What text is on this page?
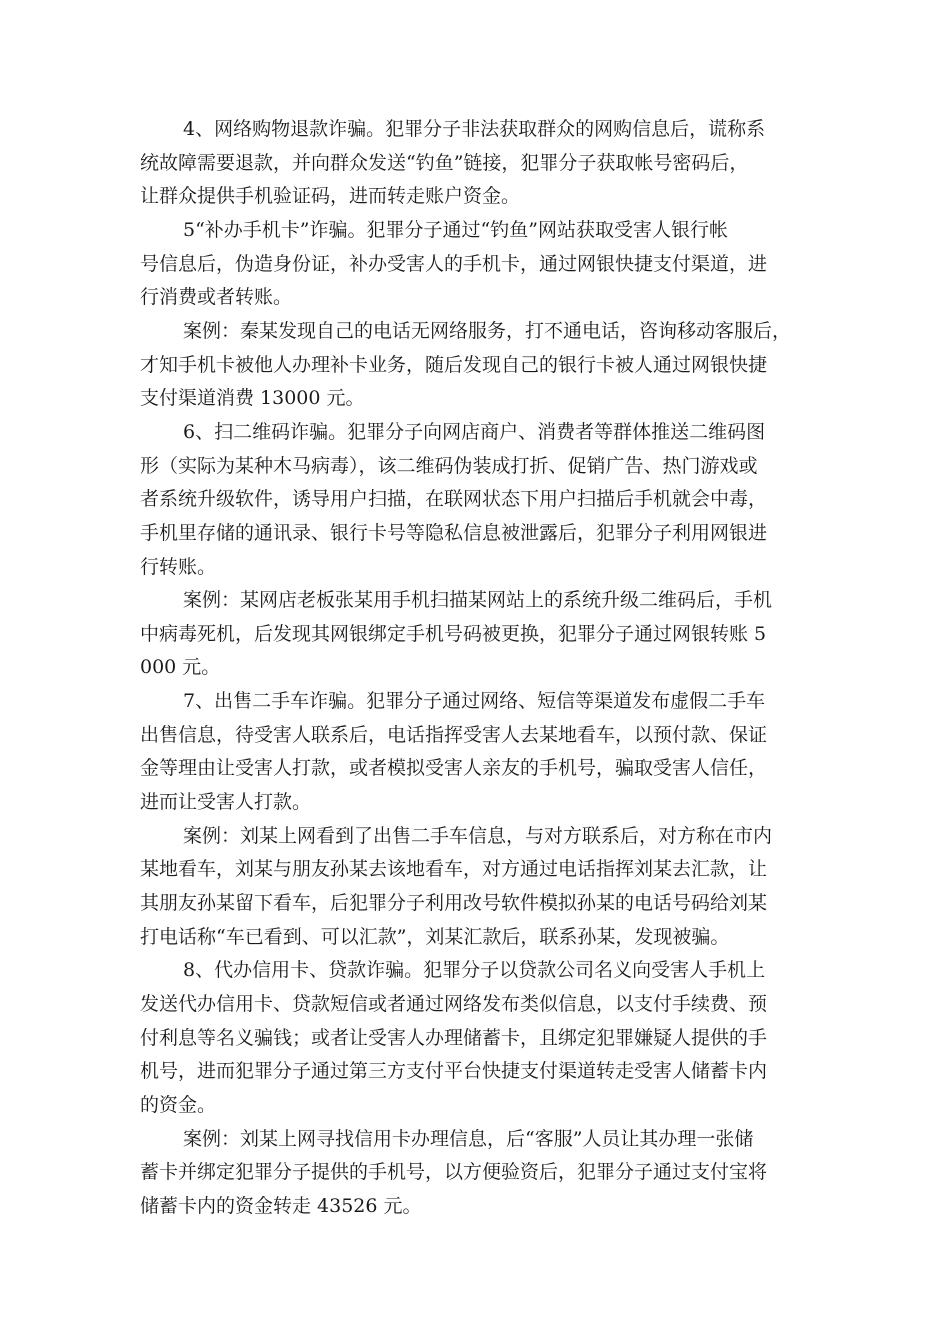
4、网络购物退款诈骗。犯罪分子非法获取群众的网购信息后，谎称系
统故障需要退款，并向群众发送“钓鱼”链接，犯罪分子获取帐号密码后，
让群众提供手机验证码，进而转走账户资金。
5“补办手机卡”诈骗。犯罪分子通过“钓鱼”网站获取受害人银行帐
号信息后，伪造身份证，补办受害人的手机卡，通过网银快捷支付渠道，进
行消费或者转账。
案例：秦某发现自己的电话无网络服务，打不通电话，咨询移动客服后，
才知手机卡被他人办理补卡业务，随后发现自己的银行卡被人通过网银快捷
支付渠道消费 13000 元。
6、扫二维码诈骗。犯罪分子向网店商户、消费者等群体推送二维码图
形（实际为某种木马病毒），该二维码伪装成打折、促销广告、热门游戏或
者系统升级软件，诱导用户扫描，在联网状态下用户扫描后手机就会中毒，
手机里存储的通讯录、银行卡号等隐私信息被泄露后，犯罪分子利用网银进
行转账。
案例：某网店老板张某用手机扫描某网站上的系统升级二维码后，手机
中病毒死机，后发现其网银绑定手机号码被更换，犯罪分子通过网银转账 5
000 元。
7、出售二手车诈骗。犯罪分子通过网络、短信等渠道发布虚假二手车
出售信息，待受害人联系后，电话指挥受害人去某地看车，以预付款、保证
金等理由让受害人打款，或者模拟受害人亲友的手机号，骗取受害人信任，
进而让受害人打款。
案例：刘某上网看到了出售二手车信息，与对方联系后，对方称在市内
某地看车，刘某与朋友孙某去该地看车，对方通过电话指挥刘某去汇款，让
其朋友孙某留下看车，后犯罪分子利用改号软件模拟孙某的电话号码给刘某
打电话称“车已看到、可以汇款”，刘某汇款后，联系孙某，发现被骗。
8、代办信用卡、贷款诈骗。犯罪分子以贷款公司名义向受害人手机上
发送代办信用卡、贷款短信或者通过网络发布类似信息，以支付手续费、预
付利息等名义骗钱；或者让受害人办理储蓄卡，且绑定犯罪嫌疑人提供的手
机号，进而犯罪分子通过第三方支付平台快捷支付渠道转走受害人储蓄卡内
的资金。
案例：刘某上网寻找信用卡办理信息，后“客服”人员让其办理一张储
蓄卡并绑定犯罪分子提供的手机号，以方便验资后，犯罪分子通过支付宝将
储蓄卡内的资金转走 43526 元。
